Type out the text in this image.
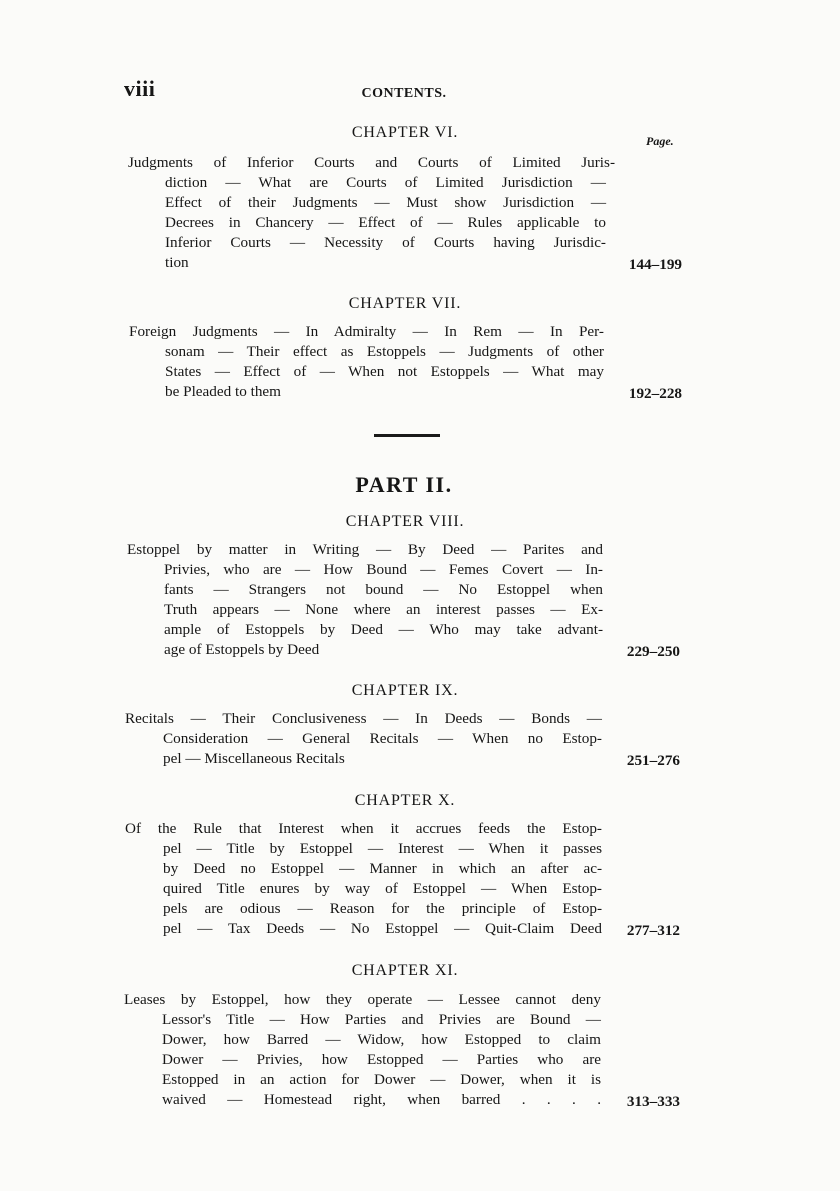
viii	CONTENTS.
Page.
CHAPTER VI.
Judgments of Inferior Courts and Courts of Limited Juris-
diction — What are Courts of Limited Jurisdiction —
Effect of their Judgments — Must show Jurisdiction —
Decrees in Chancery — Effect of — Rules applicable to
Inferior Courts — Necessity of Courts having Jurisdic-
tion	144–199
CHAPTER VII.
Foreign Judgments — In Admiralty — In Rem — In Per-
sonam — Their effect as Estoppels — Judgments of other
States — Effect of — When not Estoppels — What may
be Pleaded to them	192–228
PART II.
CHAPTER VIII.
Estoppel by matter in Writing — By Deed — Parites and
Privies, who are — How Bound — Femes Covert — In-
fants — Strangers not bound — No Estoppel when
Truth appears — None where an interest passes — Ex-
ample of Estoppels by Deed — Who may take advant-
age of Estoppels by Deed	229–250
CHAPTER IX.
Recitals — Their Conclusiveness — In Deeds — Bonds —
Consideration — General Recitals — When no Estop-
pel — Miscellaneous Recitals	251–276
CHAPTER X.
Of the Rule that Interest when it accrues feeds the Estop-
pel — Title by Estoppel — Interest — When it passes
by Deed no Estoppel — Manner in which an after ac-
quired Title enures by way of Estoppel — When Estop-
pels are odious — Reason for the principle of Estop-
pel — Tax Deeds — No Estoppel — Quit-Claim Deed	277–312
CHAPTER XI.
Leases by Estoppel, how they operate — Lessee cannot deny
Lessor's Title — How Parties and Privies are Bound —
Dower, how Barred — Widow, how Estopped to claim
Dower — Privies, how Estopped — Parties who are
Estopped in an action for Dower — Dower, when it is
waived — Homestead right, when barred . . . .	313–333
